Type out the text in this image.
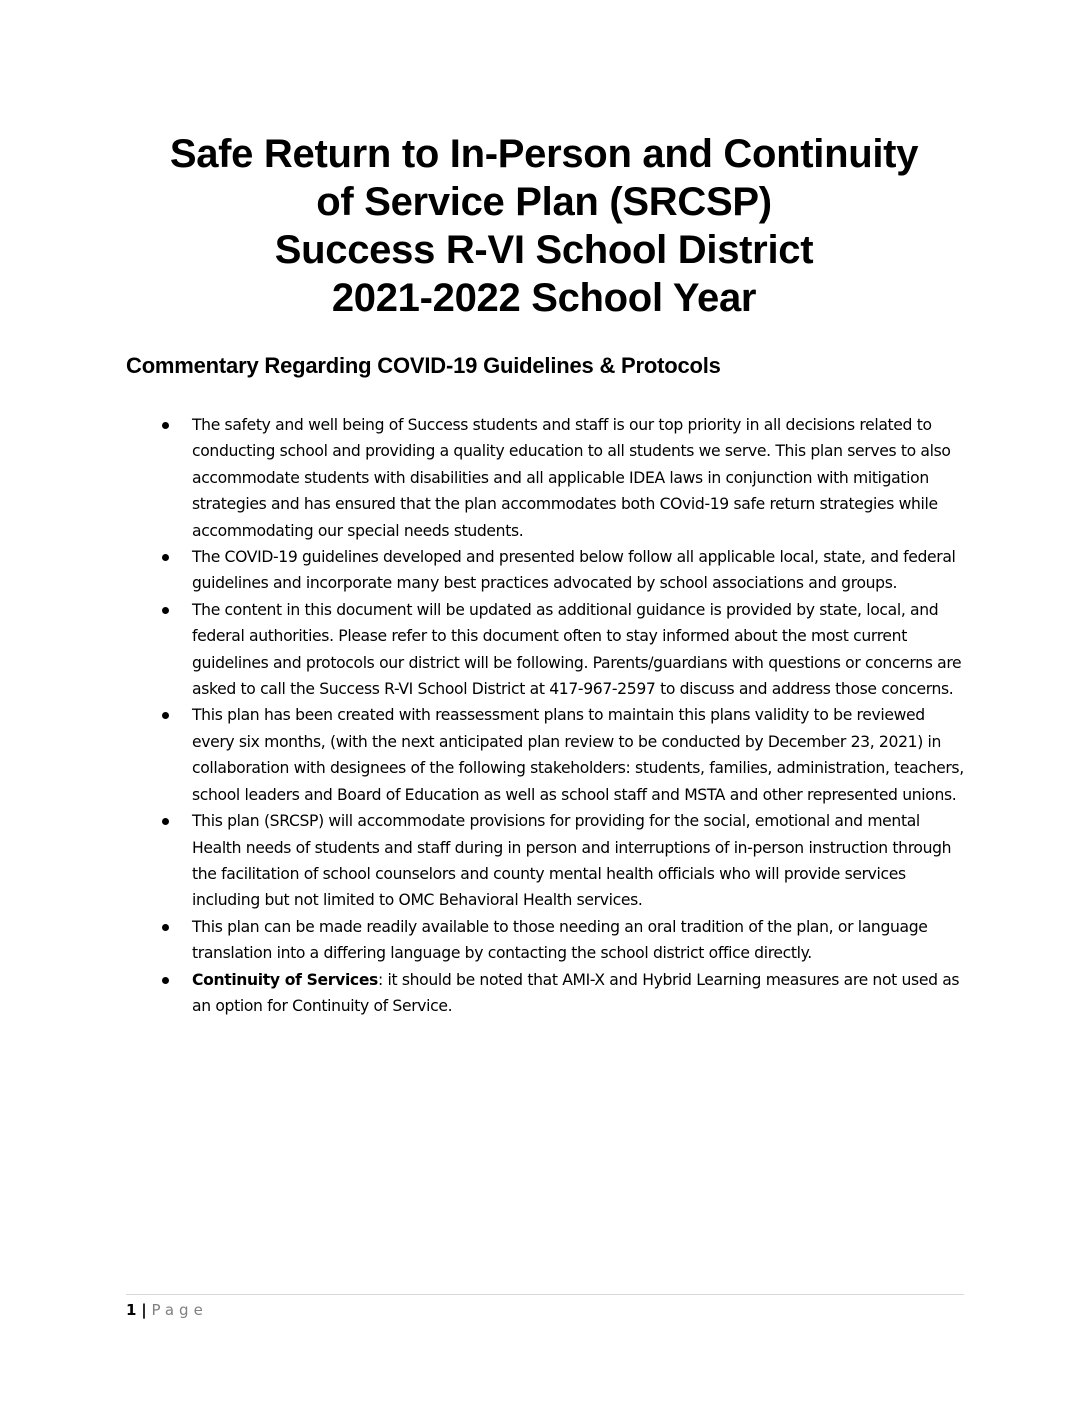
Safe Return to In-Person and Continuity
of Service Plan (SRCSP)
Success R-VI School District
2021-2022 School Year
Commentary Regarding COVID-19 Guidelines & Protocols
The safety and well being of Success students and staff is our top priority in all decisions related to conducting school and providing a quality education to all students we serve. This plan serves to also accommodate students with disabilities and all applicable IDEA laws in conjunction with mitigation strategies and has ensured that the plan accommodates both COvid-19 safe return strategies while accommodating our special needs students.
The COVID-19 guidelines developed and presented below follow all applicable local, state, and federal guidelines and incorporate many best practices advocated by school associations and groups.
The content in this document will be updated as additional guidance is provided by state, local, and federal authorities. Please refer to this document often to stay informed about the most current guidelines and protocols our district will be following. Parents/guardians with questions or concerns are asked to call the Success R-VI School District at 417-967-2597 to discuss and address those concerns.
This plan has been created with reassessment plans to maintain this plans validity to be reviewed every six months, (with the next anticipated plan review to be conducted by December 23, 2021) in collaboration with designees of the following stakeholders: students, families, administration, teachers, school leaders and Board of Education as well as school staff and MSTA and other represented unions.
This plan (SRCSP) will accommodate provisions for providing for the social, emotional and mental Health needs of students and staff during in person and interruptions of in-person instruction through the facilitation of school counselors and county mental health officials who will provide services including but not limited to OMC Behavioral Health services.
This plan can be made readily available to those needing an oral tradition of the plan, or language translation into a differing language by contacting the school district office directly.
Continuity of Services: it should be noted that AMI-X and Hybrid Learning measures are not used as an option for Continuity of Service.
1 | Page
